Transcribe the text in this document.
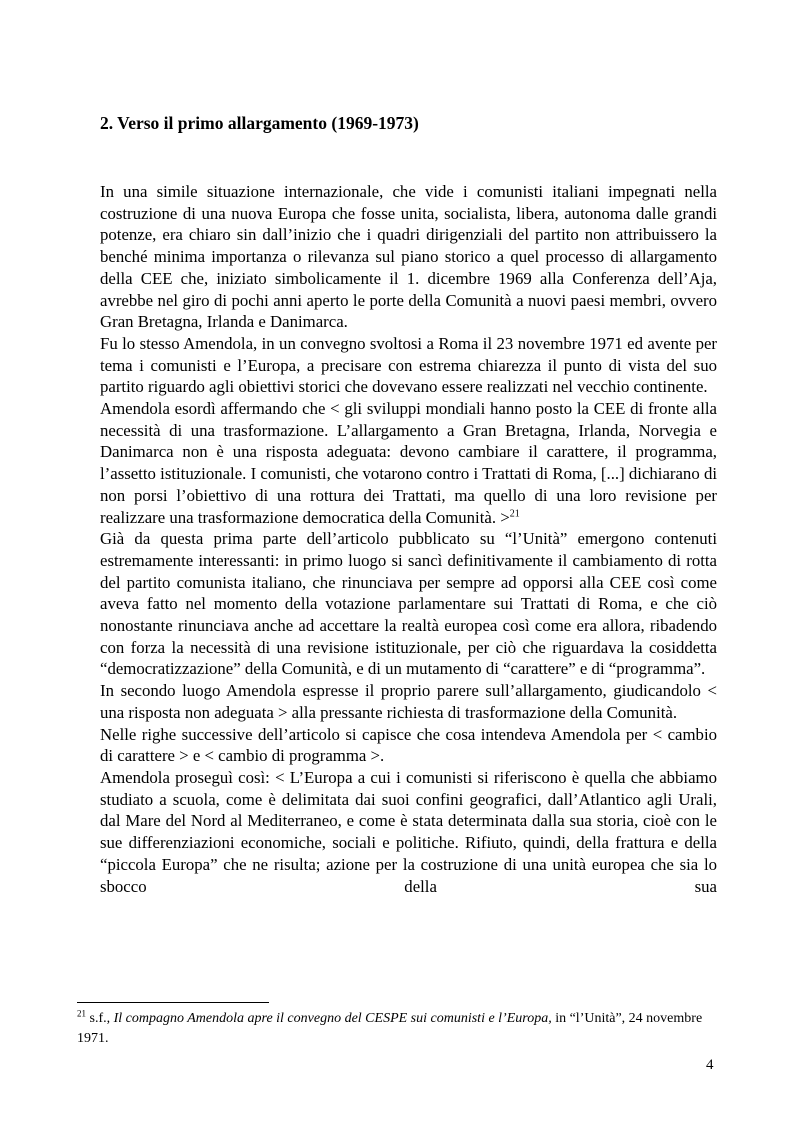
2. Verso il primo allargamento (1969-1973)

In una simile situazione internazionale, che vide i comunisti italiani impegnati nella costruzione di una nuova Europa che fosse unita, socialista, libera, autonoma dalle grandi potenze, era chiaro sin dall’inizio che i quadri dirigenziali del partito non attribuissero la benché minima importanza o rilevanza sul piano storico a quel processo di allargamento della CEE che, iniziato simbolicamente il 1. dicembre 1969 alla Conferenza dell’Aja, avrebbe nel giro di pochi anni aperto le porte della Comunità a nuovi paesi membri, ovvero Gran Bretagna, Irlanda e Danimarca.

Fu lo stesso Amendola, in un convegno svoltosi a Roma il 23 novembre 1971 ed avente per tema i comunisti e l’Europa, a precisare con estrema chiarezza il punto di vista del suo partito riguardo agli obiettivi storici che dovevano essere realizzati nel vecchio continente.

Amendola esordì affermando che < gli sviluppi mondiali hanno posto la CEE di fronte alla necessità di una trasformazione. L’allargamento a Gran Bretagna, Irlanda, Norvegia e Danimarca non è una risposta adeguata: devono cambiare il carattere, il programma, l’assetto istituzionale. I comunisti, che votarono contro i Trattati di Roma, [...] dichiarano di non porsi l’obiettivo di una rottura dei Trattati, ma quello di una loro revisione per realizzare una trasformazione democratica della Comunità. >$^{21}$

Già da questa prima parte dell’articolo pubblicato su “l’Unità” emergono contenuti estremamente interessanti: in primo luogo si sancì definitivamente il cambiamento di rotta del partito comunista italiano, che rinunciava per sempre ad opporsi alla CEE così come aveva fatto nel momento della votazione parlamentare sui Trattati di Roma, e che ciò nonostante rinunciava anche ad accettare la realtà europea così come era allora, ribadendo con forza la necessità di una revisione istituzionale, per ciò che riguardava la cosiddetta “democratizzazione” della Comunità, e di un mutamento di “carattere” e di “programma”.

In secondo luogo Amendola espresse il proprio parere sull’allargamento, giudicandolo < una risposta non adeguata > alla pressante richiesta di trasformazione della Comunità.

Nelle righe successive dell’articolo si capisce che cosa intendeva Amendola per < cambio di carattere > e < cambio di programma >.

Amendola proseguì così: < L’Europa a cui i comunisti si riferiscono è quella che abbiamo studiato a scuola, come è delimitata dai suoi confini geografici, dall’Atlantico agli Urali, dal Mare del Nord al Mediterraneo, e come è stata determinata dalla sua storia, cioè con le sue differenziazioni economiche, sociali e politiche. Rifiuto, quindi, della frattura e della “piccola Europa” che ne risulta; azione per la costruzione di una unità europea che sia lo sbocco della sua

$^{21}$ s.f., Il compagno Amendola apre il convegno del CESPE sui comunisti e l’Europa, in “l’Unità”, 24 novembre 1971.
4
